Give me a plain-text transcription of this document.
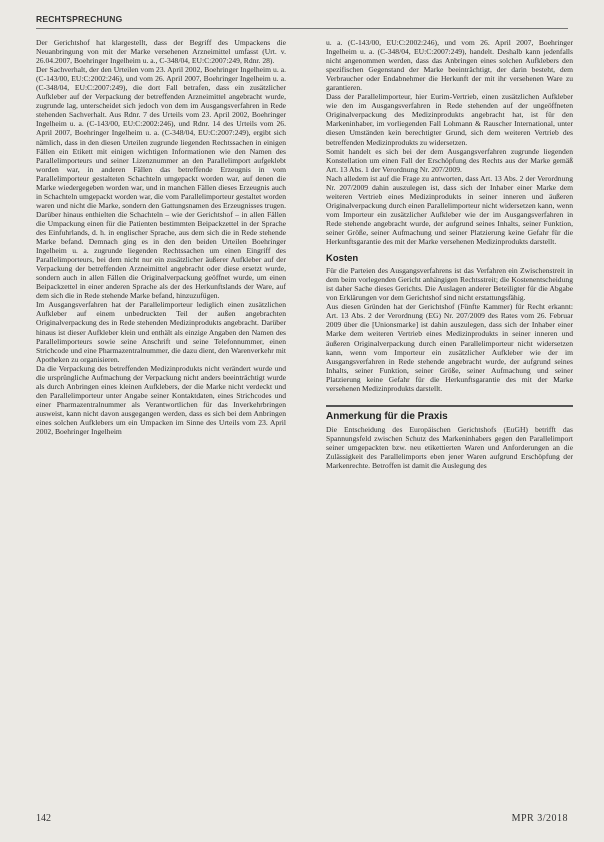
RECHTSPRECHUNG

Der Gerichtshof hat klargestellt, dass der Begriff des Umpackens die Neuanbringung von mit der Marke versehenen Arzneimittel umfasst (Urt. v. 26.04.2007, Boehringer Ingelheim u. a., C-348/04, EU:C:2007:249, Rdnr. 28).

Der Sachverhalt, der den Urteilen vom 23. April 2002, Boehringer Ingelheim u. a. (C-143/00, EU:C:2002:246), und vom 26. April 2007, Boehringer Ingelheim u. a. (C-348/04, EU:C:2007:249), die dort Fall betrafen, dass ein zusätzlicher Aufkleber auf der Verpackung der betreffenden Arzneimittel angebracht wurde, zugrunde lag, unterscheidet sich jedoch von dem im Ausgangsverfahren in Rede stehenden Sachverhalt. Aus Rdnr. 7 des Urteils vom 23. April 2002, Boehringer Ingelheim u. a. (C-143/00, EU:C:2002:246), und Rdnr. 14 des Urteils vom 26. April 2007, Boehringer Ingelheim u. a. (C-348/04, EU:C:2007:249), ergibt sich nämlich, dass in den diesen Urteilen zugrunde liegenden Rechtssachen in einigen Fällen ein Etikett mit einigen wichtigen Informationen wie den Namen des Parallelimporteurs und seiner Lizenznummer an den Parallelimport aufgeklebt worden war, in anderen Fällen das betreffende Erzeugnis in vom Parallelimporteur gestalteten Schachteln umgepackt worden war, auf denen die Marke wiedergegeben worden war, und in manchen Fällen dieses Erzeugnis auch in Schachteln umgepackt worden war, die vom Parallelimporteur gestaltet worden waren und nicht die Marke, sondern den Gattungsnamen des Erzeugnisses trugen. Darüber hinaus enthielten die Schachteln – wie der Gerichtshof – in allen Fällen die Umpackung einen für die Patienten bestimmten Beipackzettel in der Sprache des Einfuhrlands, d. h. in englischer Sprache, aus dem sich die in Rede stehende Marke befand. Demnach ging es in den den beiden Urteilen Boehringer Ingelheim u. a. zugrunde liegenden Rechtssachen um einen Eingriff des Parallelimporteurs, bei dem nicht nur ein zusätzlicher äußerer Aufkleber auf der Verpackung der betreffenden Arzneimittel angebracht oder diese ersetzt wurde, sondern auch in allen Fällen die Originalverpackung geöffnet wurde, um einen Beipackzettel in einer anderen Sprache als der des Herkunftslands der Ware, auf dem sich die in Rede stehende Marke befand, hinzuzufügen.

Im Ausgangsverfahren hat der Parallelimporteur lediglich einen zusätzlichen Aufkleber auf einem unbedruckten Teil der außen angebrachten Originalverpackung des in Rede stehenden Medizinprodukts angebracht. Darüber hinaus ist dieser Aufkleber klein und enthält als einzige Angaben den Namen des Parallelimporteurs sowie seine Anschrift und seine Telefonnummer, einen Strichcode und eine Pharmazentralnummer, die dazu dient, den Warenverkehr mit Apotheken zu organisieren.

Da die Verpackung des betreffenden Medizinprodukts nicht verändert wurde und die ursprüngliche Aufmachung der Verpackung nicht anders beeinträchtigt wurde als durch Anbringen eines kleinen Aufklebers, der die Marke nicht verdeckt und den Parallelimporteur unter Angabe seiner Kontaktdaten, eines Strichcodes und einer Pharmazentralnummer als Verantwortlichen für das Inverkehrbringen ausweist, kann nicht davon ausgegangen werden, dass es sich bei dem Anbringen eines solchen Aufklebers um ein Umpacken im Sinne des Urteils vom 23. April 2002, Boehringer Ingelheim

u. a. (C-143/00, EU:C:2002:246), und vom 26. April 2007, Boehringer Ingelheim u. a. (C-348/04, EU:C:2007:249), handelt. Deshalb kann jedenfalls nicht angenommen werden, dass das Anbringen eines solchen Aufklebers den spezifischen Gegenstand der Marke beeinträchtigt, der darin besteht, dem Verbraucher oder Endabnehmer die Herkunft der mit ihr versehenen Ware zu garantieren.

Dass der Parallelimporteur, hier Eurim-Vertrieb, einen zusätzlichen Aufkleber wie den im Ausgangsverfahren in Rede stehenden auf der ungeöffneten Originalverpackung des Medizinprodukts angebracht hat, ist für den Markeninhaber, im vorliegenden Fall Lohmann & Rauscher International, unter diesen Umständen kein berechtigter Grund, sich dem weiteren Vertrieb des betreffenden Medizinprodukts zu widersetzen.

Somit handelt es sich bei der dem Ausgangsverfahren zugrunde liegenden Konstellation um einen Fall der Erschöpfung des Rechts aus der Marke gemäß Art. 13 Abs. 1 der Verordnung Nr. 207/2009.

Nach alledem ist auf die Frage zu antworten, dass Art. 13 Abs. 2 der Verordnung Nr. 207/2009 dahin auszulegen ist, dass sich der Inhaber einer Marke dem weiteren Vertrieb eines Medizinprodukts in seiner inneren und äußeren Originalverpackung durch einen Parallelimporteur nicht widersetzen kann, wenn vom Importeur ein zusätzlicher Aufkleber wie der im Ausgangsverfahren in Rede stehende angebracht wurde, der aufgrund seines Inhalts, seiner Funktion, seiner Größe, seiner Aufmachung und seiner Platzierung keine Gefahr für die Herkunftsgarantie des mit der Marke versehenen Medizinprodukts darstellt.

Kosten

Für die Parteien des Ausgangsverfahrens ist das Verfahren ein Zwischenstreit in dem beim vorlegenden Gericht anhängigen Rechtsstreit; die Kostenentscheidung ist daher Sache dieses Gerichts. Die Auslagen anderer Beteiligter für die Abgabe von Erklärungen vor dem Gerichtshof sind nicht erstattungsfähig.

Aus diesen Gründen hat der Gerichtshof (Fünfte Kammer) für Recht erkannt: Art. 13 Abs. 2 der Verordnung (EG) Nr. 207/2009 des Rates vom 26. Februar 2009 über die [Unionsmarke] ist dahin auszulegen, dass sich der Inhaber einer Marke dem weiteren Vertrieb eines Medizinprodukts in seiner inneren und äußeren Originalverpackung durch einen Parallelimporteur nicht widersetzen kann, wenn vom Importeur ein zusätzlicher Aufkleber wie der im Ausgangsverfahren in Rede stehende angebracht wurde, der aufgrund seines Inhalts, seiner Funktion, seiner Größe, seiner Aufmachung und seiner Platzierung keine Gefahr für die Herkunftsgarantie des mit der Marke versehenen Medizinprodukts darstellt.

Anmerkung für die Praxis

Die Entscheidung des Europäischen Gerichtshofs (EuGH) betrifft das Spannungsfeld zwischen Schutz des Markeninhabers gegen den Parallelimport seiner umgepackten bzw. neu etikettierten Waren und Anforderungen an die Zulässigkeit des Parallelimports eben jener Waren aufgrund Erschöpfung der Markenrechte. Betroffen ist damit die Auslegung des

142	MPR 3/2018
